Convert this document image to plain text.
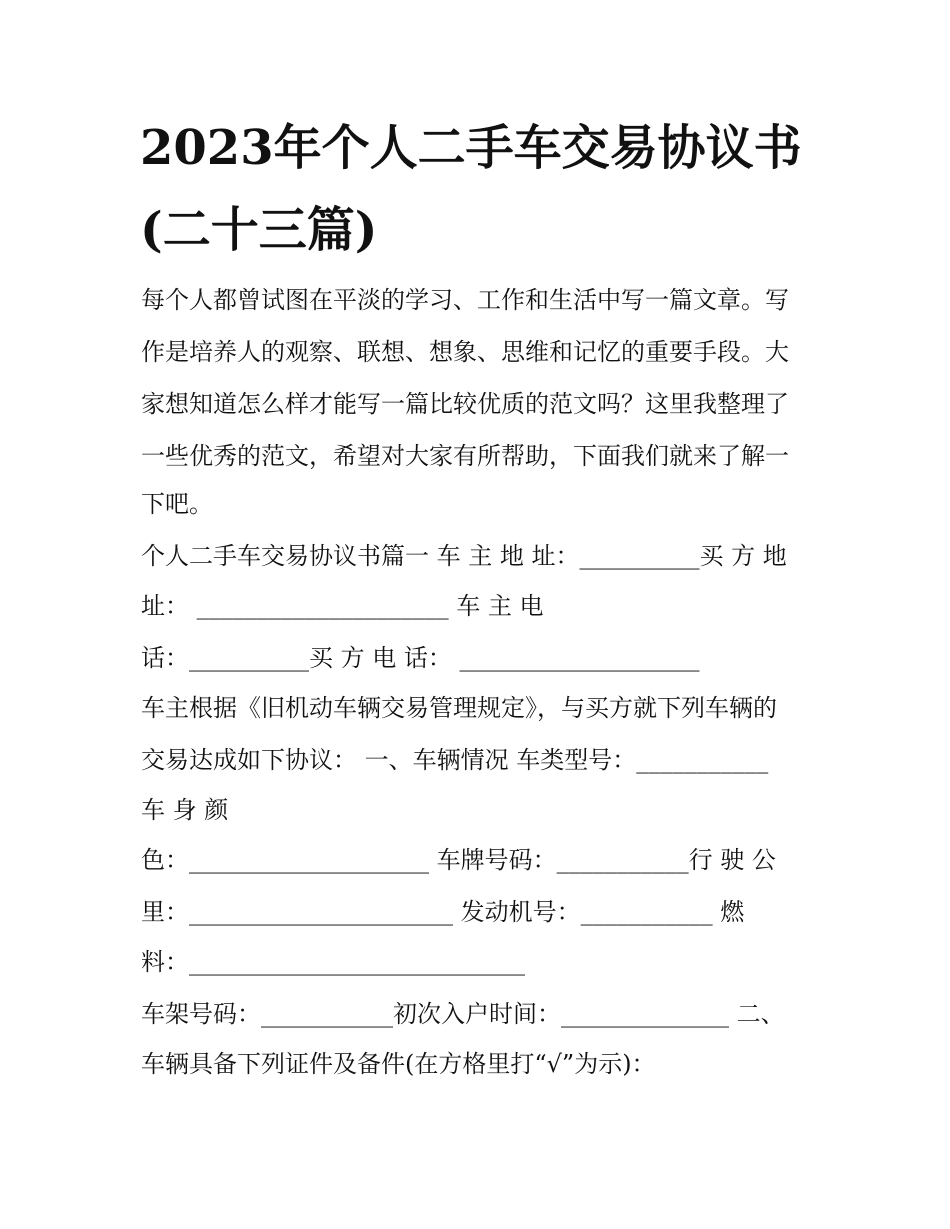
2023年个人二手车交易协议书
(二十三篇)

每个人都曾试图在平淡的学习、工作和生活中写一篇文章。写

作是培养人的观察、联想、想象、思维和记忆的重要手段。大

家想知道怎么样才能写一篇比较优质的范文吗？这里我整理了

一些优秀的范文，希望对大家有所帮助，下面我们就来了解一

下吧。

个人二手车交易协议书篇一 车 主 地 址：__________买 方 地

址： _____________________ 车 主 电

话：__________买 方 电 话： ____________________

车主根据《旧机动车辆交易管理规定》，与买方就下列车辆的

交易达成如下协议： 一、车辆情况 车类型号：___________

车 身 颜

色：____________________ 车牌号码：___________行 驶 公

里：______________________ 发动机号：___________ 燃

料：____________________________

车架号码：___________初次入户时间：______________ 二、

车辆具备下列证件及备件(在方格里打“√”为示)：
